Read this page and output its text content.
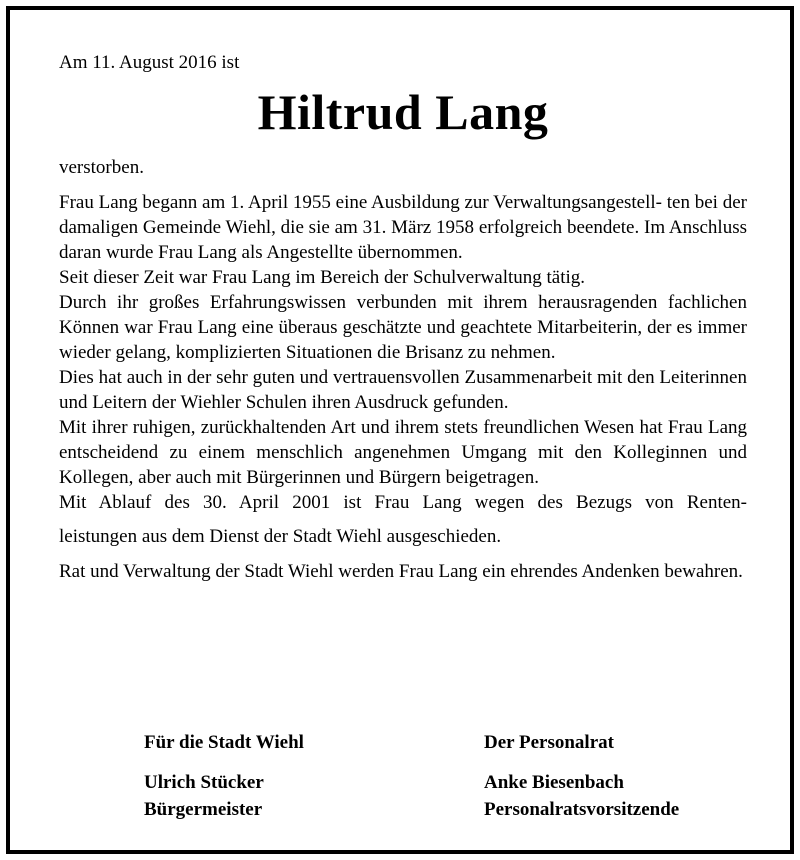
Am 11. August 2016 ist
Hiltrud Lang
verstorben.

Frau Lang begann am 1. April 1955 eine Ausbildung zur Verwaltungsangestell- ten bei der damaligen Gemeinde Wiehl, die sie am 31. März 1958 erfolgreich beendete. Im Anschluss daran wurde Frau Lang als Angestellte übernommen.

Seit dieser Zeit war Frau Lang im Bereich der Schulverwaltung tätig.

Durch ihr großes Erfahrungswissen verbunden mit ihrem herausragenden fachlichen Können war Frau Lang eine überaus geschätzte und geachtete Mitarbeiterin, der es immer wieder gelang, komplizierten Situationen die Brisanz zu nehmen.

Dies hat auch in der sehr guten und vertrauensvollen Zusammenarbeit mit den Leiterinnen und Leitern der Wiehler Schulen ihren Ausdruck gefunden.

Mit ihrer ruhigen, zurückhaltenden Art und ihrem stets freundlichen Wesen hat Frau Lang entscheidend zu einem menschlich angenehmen Umgang mit den Kolleginnen und Kollegen, aber auch mit Bürgerinnen und Bürgern beigetragen.

Mit Ablauf des 30. April 2001 ist Frau Lang wegen des Bezugs von Renten-

leistungen aus dem Dienst der Stadt Wiehl ausgeschieden.

Rat und Verwaltung der Stadt Wiehl werden Frau Lang ein ehrendes Andenken bewahren.
Für die Stadt Wiehl
Ulrich Stücker
Bürgermeister
Der Personalrat
Anke Biesenbach
Personalratsvorsitzende
